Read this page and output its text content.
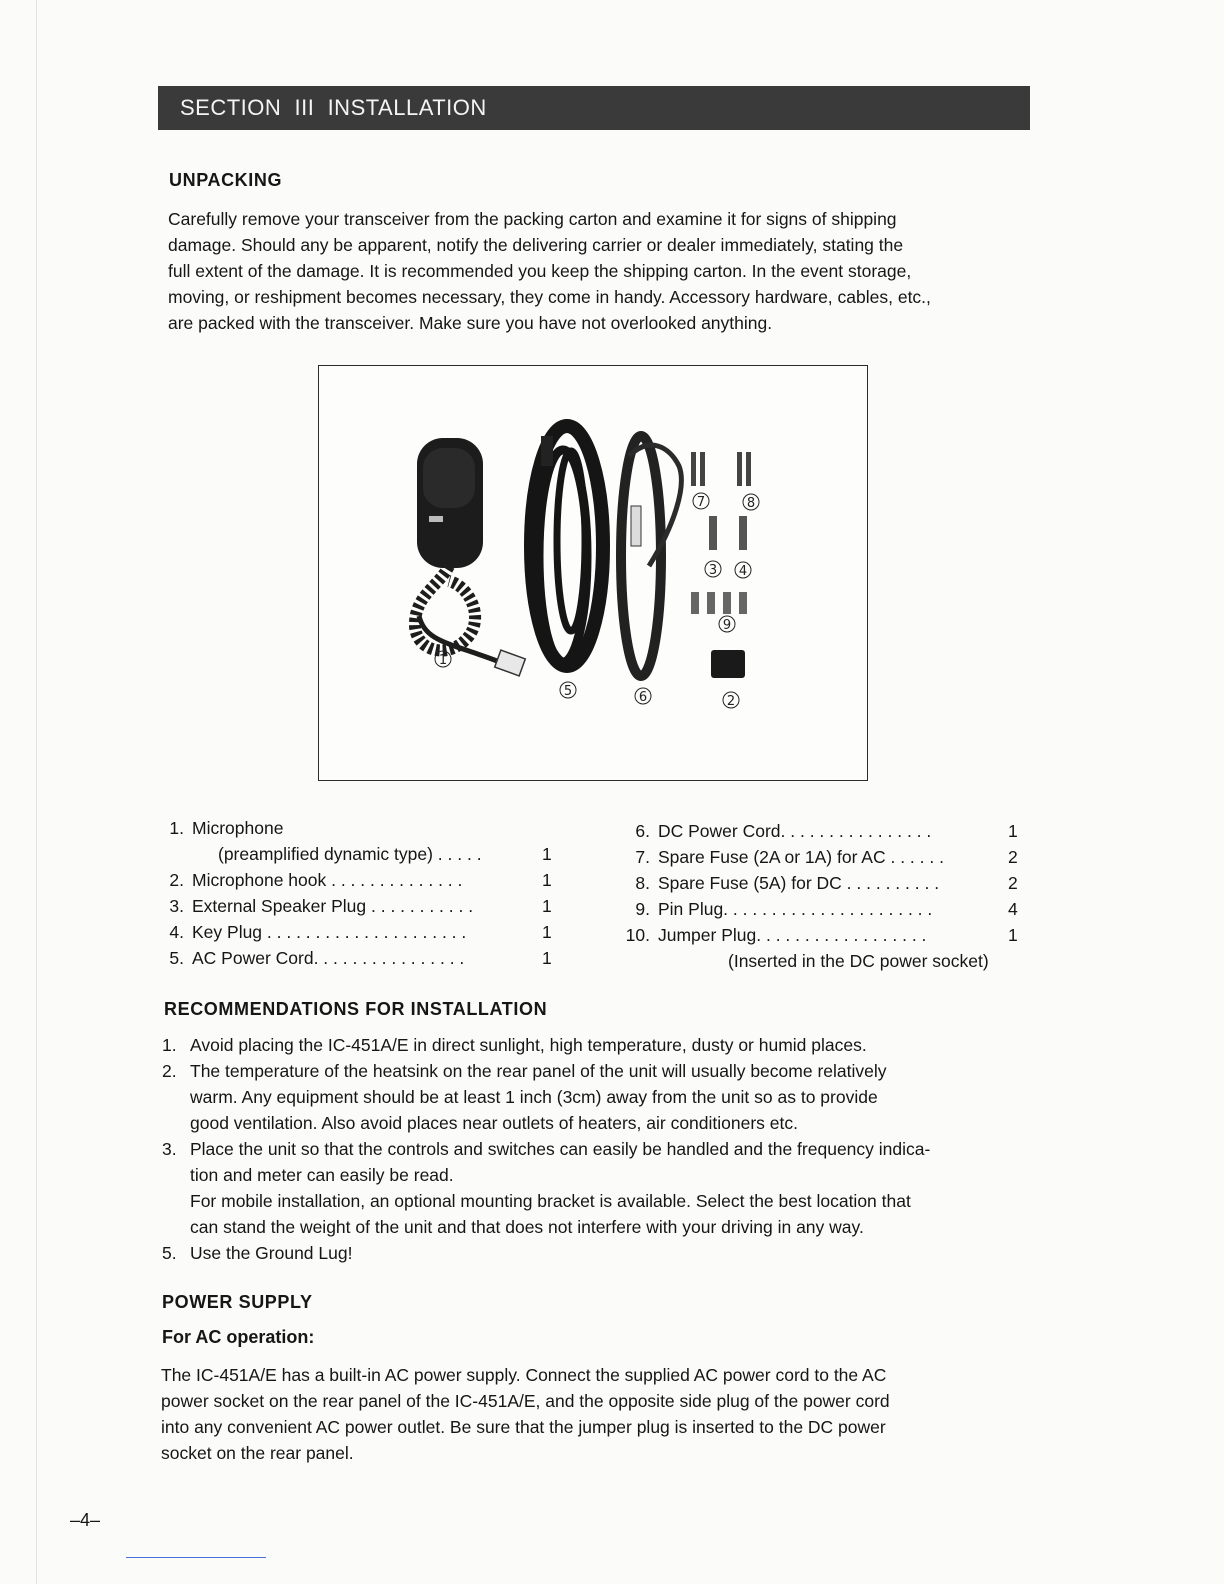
SECTION  III  INSTALLATION
UNPACKING

Carefully remove your transceiver from the packing carton and examine it for signs of shipping

damage. Should any be apparent, notify the delivering carrier or dealer immediately, stating the

full extent of the damage. It is recommended you keep the shipping carton. In the event storage,

moving, or reshipment becomes necessary, they come in handy. Accessory hardware, cables, etc.,

are packed with the transceiver. Make sure you have not overlooked anything.

1
5	6	2
7	8
3 4
9
1. Microphone
(preamplified dynamic type) . . . . .	1
2. Microphone hook . . . . . . . . . . . . . .	1
3. External Speaker Plug . . . . . . . . . . .	1
4. Key Plug . . . . . . . . . . . . . . . . . . . . .	1
5. AC Power Cord. . . . . . . . . . . . . . . .	1
6. DC Power Cord. . . . . . . . . . . . . . . .	1
7. Spare Fuse (2A or 1A) for AC . . . . . .	2
8. Spare Fuse (5A) for DC . . . . . . . . . .	2
9. Pin Plug. . . . . . . . . . . . . . . . . . . . . .	4
10. Jumper Plug. . . . . . . . . . . . . . . . . .	1
(Inserted in the DC power socket)
RECOMMENDATIONS FOR INSTALLATION
1. Avoid placing the IC-451A/E in direct sunlight, high temperature, dusty or humid places.

2. The temperature of the heatsink on the rear panel of the unit will usually become relatively

warm. Any equipment should be at least 1 inch (3cm) away from the unit so as to provide

good ventilation. Also avoid places near outlets of heaters, air conditioners etc.

3. Place the unit so that the controls and switches can easily be handled and the frequency indica-

tion and meter can easily be read.

For mobile installation, an optional mounting bracket is available. Select the best location that

can stand the weight of the unit and that does not interfere with your driving in any way.

5. Use the Ground Lug!

POWER SUPPLY
For AC operation:

The IC-451A/E has a built-in AC power supply. Connect the supplied AC power cord to the AC

power socket on the rear panel of the IC-451A/E, and the opposite side plug of the power cord

into any convenient AC power outlet. Be sure that the jumper plug is inserted to the DC power

socket on the rear panel.

–4–
